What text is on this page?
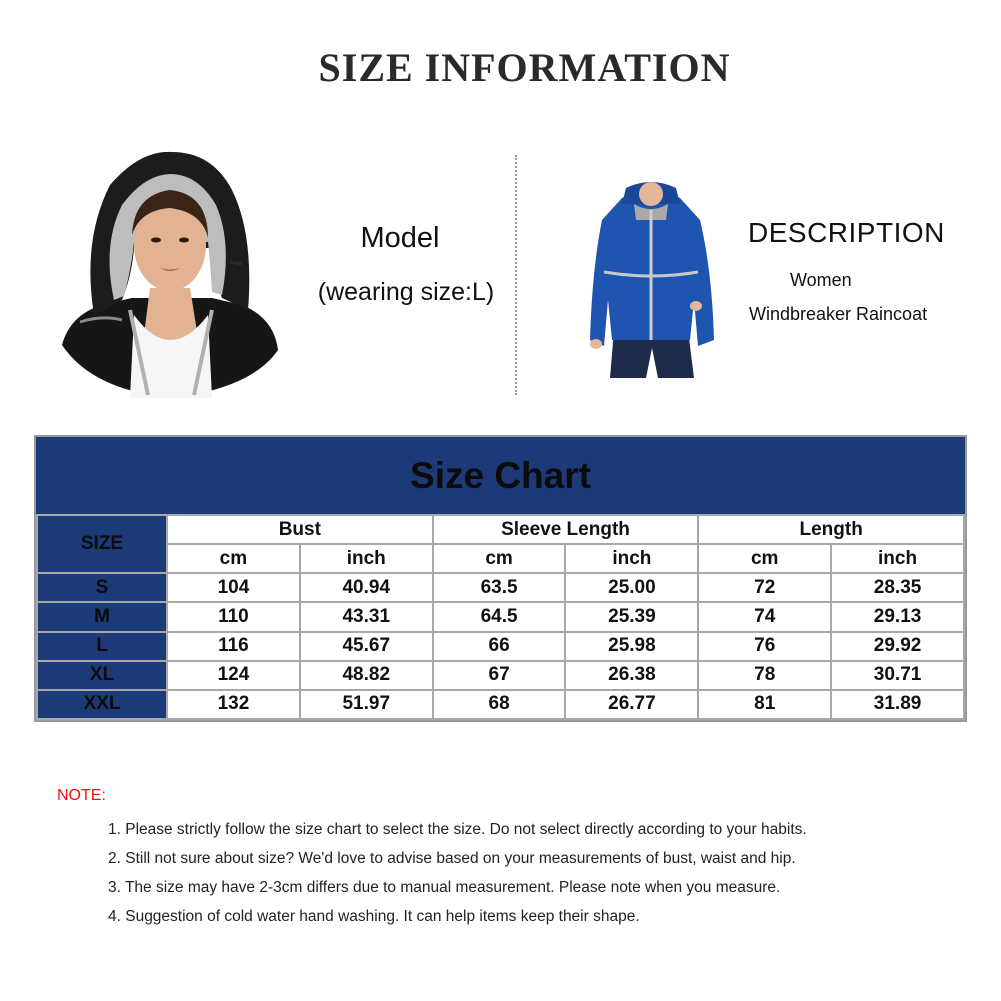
SIZE INFORMATION
Model
(wearing size:L)
DESCRIPTION
Women
Windbreaker Raincoat
Size Chart
SIZE	Bust		Sleeve Length		Length	
	cm	inch	cm	inch	cm	inch
S	104	40.94	63.5	25.00	72	28.35
M	110	43.31	64.5	25.39	74	29.13
L	116	45.67	66	25.98	76	29.92
XL	124	48.82	67	26.38	78	30.71
XXL	132	51.97	68	26.77	81	31.89
NOTE:
1. Please strictly follow the size chart to select the size. Do not select directly according to your habits.
2. Still not sure about size? We'd love to advise based on your measurements of bust, waist and hip.
3. The size may have 2-3cm differs due to manual measurement. Please note when you measure.
4. Suggestion of cold water hand washing. It can help items keep their shape.
